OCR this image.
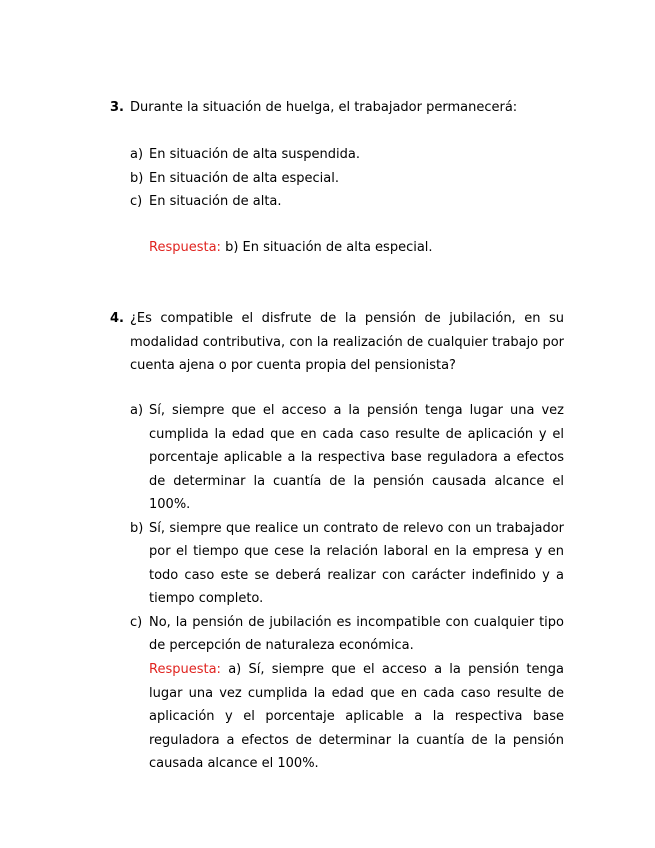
3. Durante la situación de huelga, el trabajador permanecerá:
a) En situación de alta suspendida.
b) En situación de alta especial.
c) En situación de alta.
Respuesta: b) En situación de alta especial.
4. ¿Es compatible el disfrute de la pensión de jubilación, en su modalidad contributiva, con la realización de cualquier trabajo por cuenta ajena o por cuenta propia del pensionista?
a) Sí, siempre que el acceso a la pensión tenga lugar una vez cumplida la edad que en cada caso resulte de aplicación y el porcentaje aplicable a la respectiva base reguladora a efectos de determinar la cuantía de la pensión causada alcance el 100%.
b) Sí, siempre que realice un contrato de relevo con un trabajador por el tiempo que cese la relación laboral en la empresa y en todo caso este se deberá realizar con carácter indefinido y a tiempo completo.
c) No, la pensión de jubilación es incompatible con cualquier tipo de percepción de naturaleza económica.
Respuesta: a) Sí, siempre que el acceso a la pensión tenga lugar una vez cumplida la edad que en cada caso resulte de aplicación y el porcentaje aplicable a la respectiva base reguladora a efectos de determinar la cuantía de la pensión causada alcance el 100%.
